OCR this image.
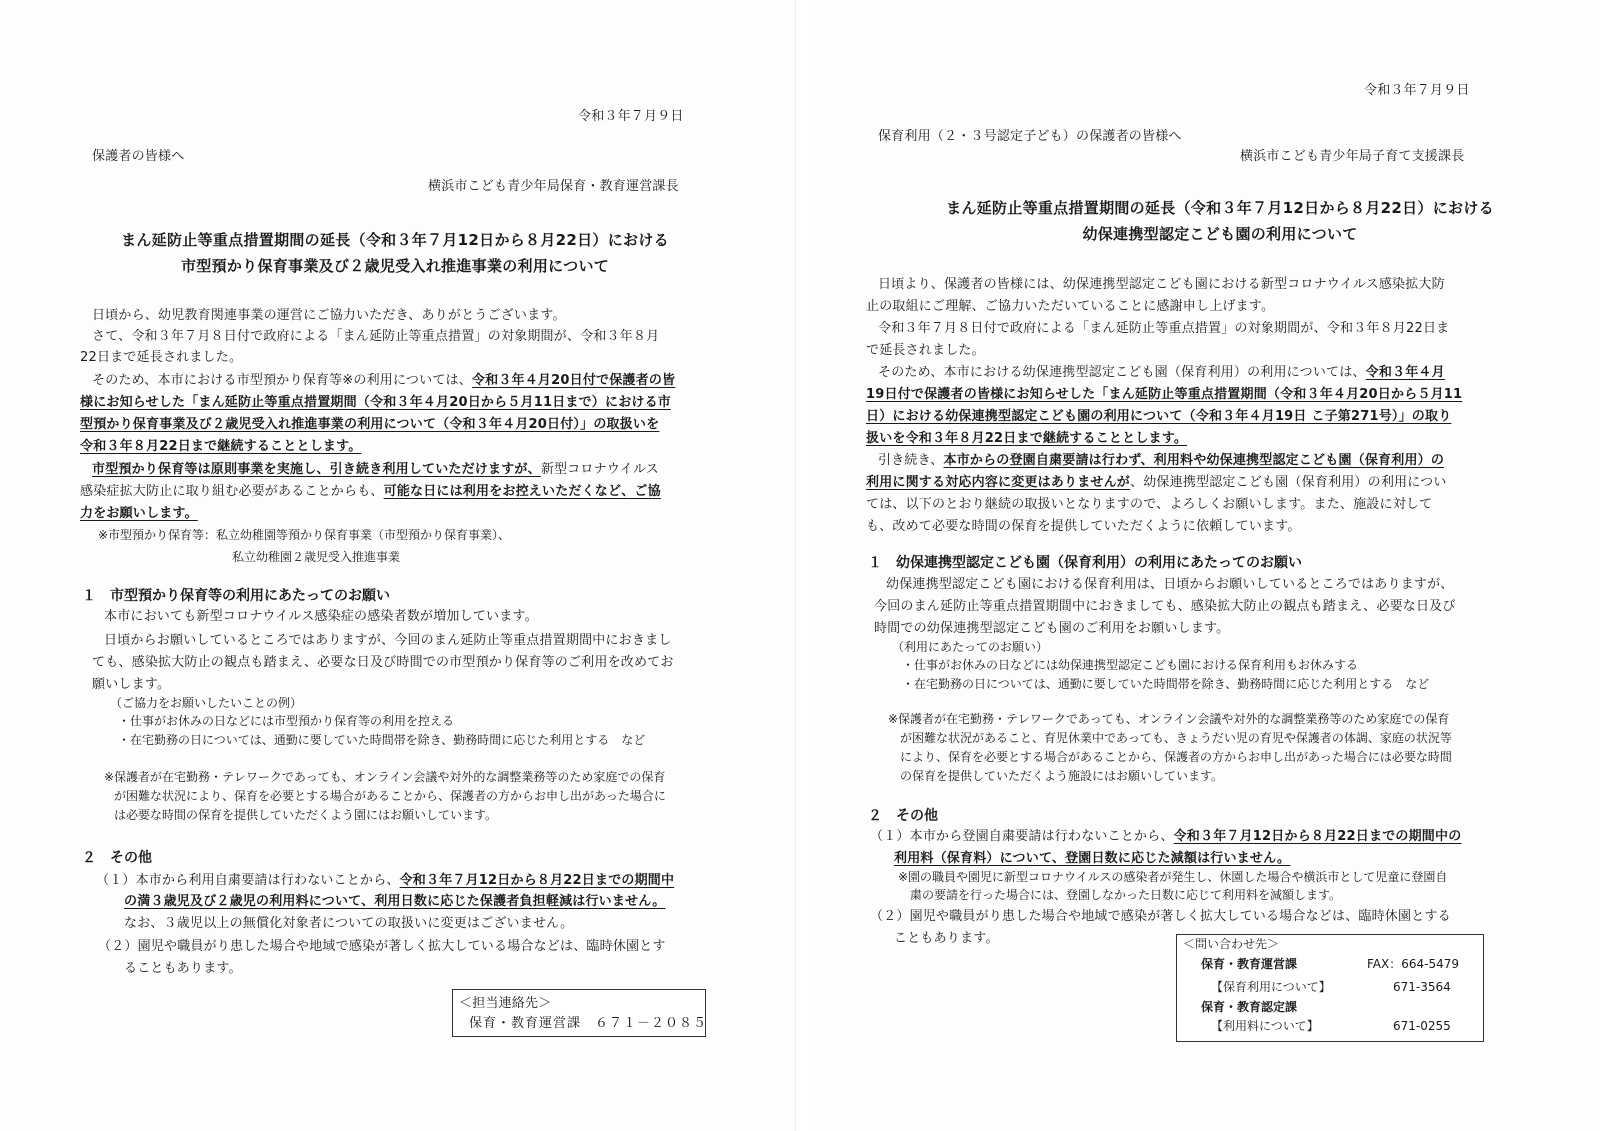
令和３年７月９日

保護者の皆様へ

横浜市こども青少年局保育・教育運営課長

まん延防止等重点措置期間の延長（令和３年７月12日から８月22日）における

市型預かり保育事業及び２歳児受入れ推進事業の利用について

日頃から、幼児教育関連事業の運営にご協力いただき、ありがとうございます。

さて、令和３年７月８日付で政府による「まん延防止等重点措置」の対象期間が、令和３年８月

22日まで延長されました。

そのため、本市における市型預かり保育等※の利用については、令和３年４月20日付で保護者の皆

様にお知らせした「まん延防止等重点措置期間（令和３年４月20日から５月11日まで）における市

型預かり保育事業及び２歳児受入れ推進事業の利用について（令和３年４月20日付）」の取扱いを

令和３年８月22日まで継続することとします。

市型預かり保育等は原則事業を実施し、引き続き利用していただけますが、新型コロナウイルス

感染症拡大防止に取り組む必要があることからも、可能な日には利用をお控えいただくなど、ご協

力をお願いします。

※市型預かり保育等：私立幼稚園等預かり保育事業（市型預かり保育事業）、

私立幼稚園２歳児受入推進事業

１　市型預かり保育等の利用にあたってのお願い

本市においても新型コロナウイルス感染症の感染者数が増加しています。

日頃からお願いしているところではありますが、今回のまん延防止等重点措置期間中におきまし

ても、感染拡大防止の観点も踏まえ、必要な日及び時間での市型預かり保育等のご利用を改めてお

願いします。

（ご協力をお願いしたいことの例）

・仕事がお休みの日などには市型預かり保育等の利用を控える

・在宅勤務の日については、通勤に要していた時間帯を除き、勤務時間に応じた利用とする　など

※保護者が在宅勤務・テレワークであっても、オンライン会議や対外的な調整業務等のため家庭での保育

が困難な状況により、保育を必要とする場合があることから、保護者の方からお申し出があった場合に

は必要な時間の保育を提供していただくよう園にはお願いしています。

２　その他

（１）本市から利用自粛要請は行わないことから、令和３年７月12日から８月22日までの期間中

の満３歳児及び２歳児の利用料について、利用日数に応じた保護者負担軽減は行いません。

なお、３歳児以上の無償化対象者についての取扱いに変更はございません。

（２）園児や職員がり患した場合や地域で感染が著しく拡大している場合などは、臨時休園とす

ることもあります。

＜担当連絡先＞

保育・教育運営課　６７１－２０８５

令和３年７月９日

保育利用（２・３号認定子ども）の保護者の皆様へ

横浜市こども青少年局子育て支援課長

まん延防止等重点措置期間の延長（令和３年７月12日から８月22日）における

幼保連携型認定こども園の利用について

日頃より、保護者の皆様には、幼保連携型認定こども園における新型コロナウイルス感染拡大防

止の取組にご理解、ご協力いただいていることに感謝申し上げます。

令和３年７月８日付で政府による「まん延防止等重点措置」の対象期間が、令和３年８月22日ま

で延長されました。

そのため、本市における幼保連携型認定こども園（保育利用）の利用については、令和３年４月

19日付で保護者の皆様にお知らせした「まん延防止等重点措置期間（令和３年４月20日から５月11

日）における幼保連携型認定こども園の利用について（令和３年４月19日 こ子第271号）」の取り

扱いを令和３年８月22日まで継続することとします。

引き続き、本市からの登園自粛要請は行わず、利用料や幼保連携型認定こども園（保育利用）の

利用に関する対応内容に変更はありませんが、幼保連携型認定こども園（保育利用）の利用につい

ては、以下のとおり継続の取扱いとなりますので、よろしくお願いします。また、施設に対して

も、改めて必要な時間の保育を提供していただくように依頼しています。

１　幼保連携型認定こども園（保育利用）の利用にあたってのお願い

幼保連携型認定こども園における保育利用は、日頃からお願いしているところではありますが、

今回のまん延防止等重点措置期間中におきましても、感染拡大防止の観点も踏まえ、必要な日及び

時間での幼保連携型認定こども園のご利用をお願いします。

（利用にあたってのお願い）

・仕事がお休みの日などには幼保連携型認定こども園における保育利用もお休みする

・在宅勤務の日については、通勤に要していた時間帯を除き、勤務時間に応じた利用とする　など

※保護者が在宅勤務・テレワークであっても、オンライン会議や対外的な調整業務等のため家庭での保育

が困難な状況があること、育児休業中であっても、きょうだい児の育児や保護者の体調、家庭の状況等

により、保育を必要とする場合があることから、保護者の方からお申し出があった場合には必要な時間

の保育を提供していただくよう施設にはお願いしています。

２　その他

（１）本市から登園自粛要請は行わないことから、令和３年７月12日から８月22日までの期間中の

利用料（保育料）について、登園日数に応じた減額は行いません。

※園の職員や園児に新型コロナウイルスの感染者が発生し、休園した場合や横浜市として児童に登園自

粛の要請を行った場合には、登園しなかった日数に応じて利用料を減額します。

（２）園児や職員がり患した場合や地域で感染が著しく拡大している場合などは、臨時休園とする

こともあります。	＜問い合わせ先＞

保育・教育運営課	FAX：664-5479

【保育利用について】	671-3564

保育・教育認定課

【利用料について】	671-0255
